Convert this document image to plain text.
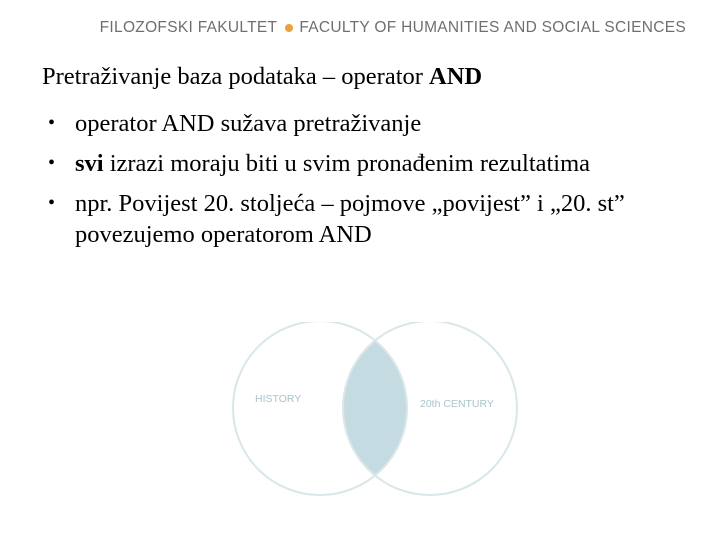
FILOZOFSKI FAKULTET FACULTY OF HUMANITIES AND SOCIAL SCIENCES
Pretraživanje baza podataka – operator AND
• operator AND sužava pretraživanje
• svi izrazi moraju biti u svim pronađenim rezultatima
• npr. Povijest 20. stoljeća – pojmove „povijest” i „20. st” povezujemo operatorom AND
HISTORY	20th CENTURY
